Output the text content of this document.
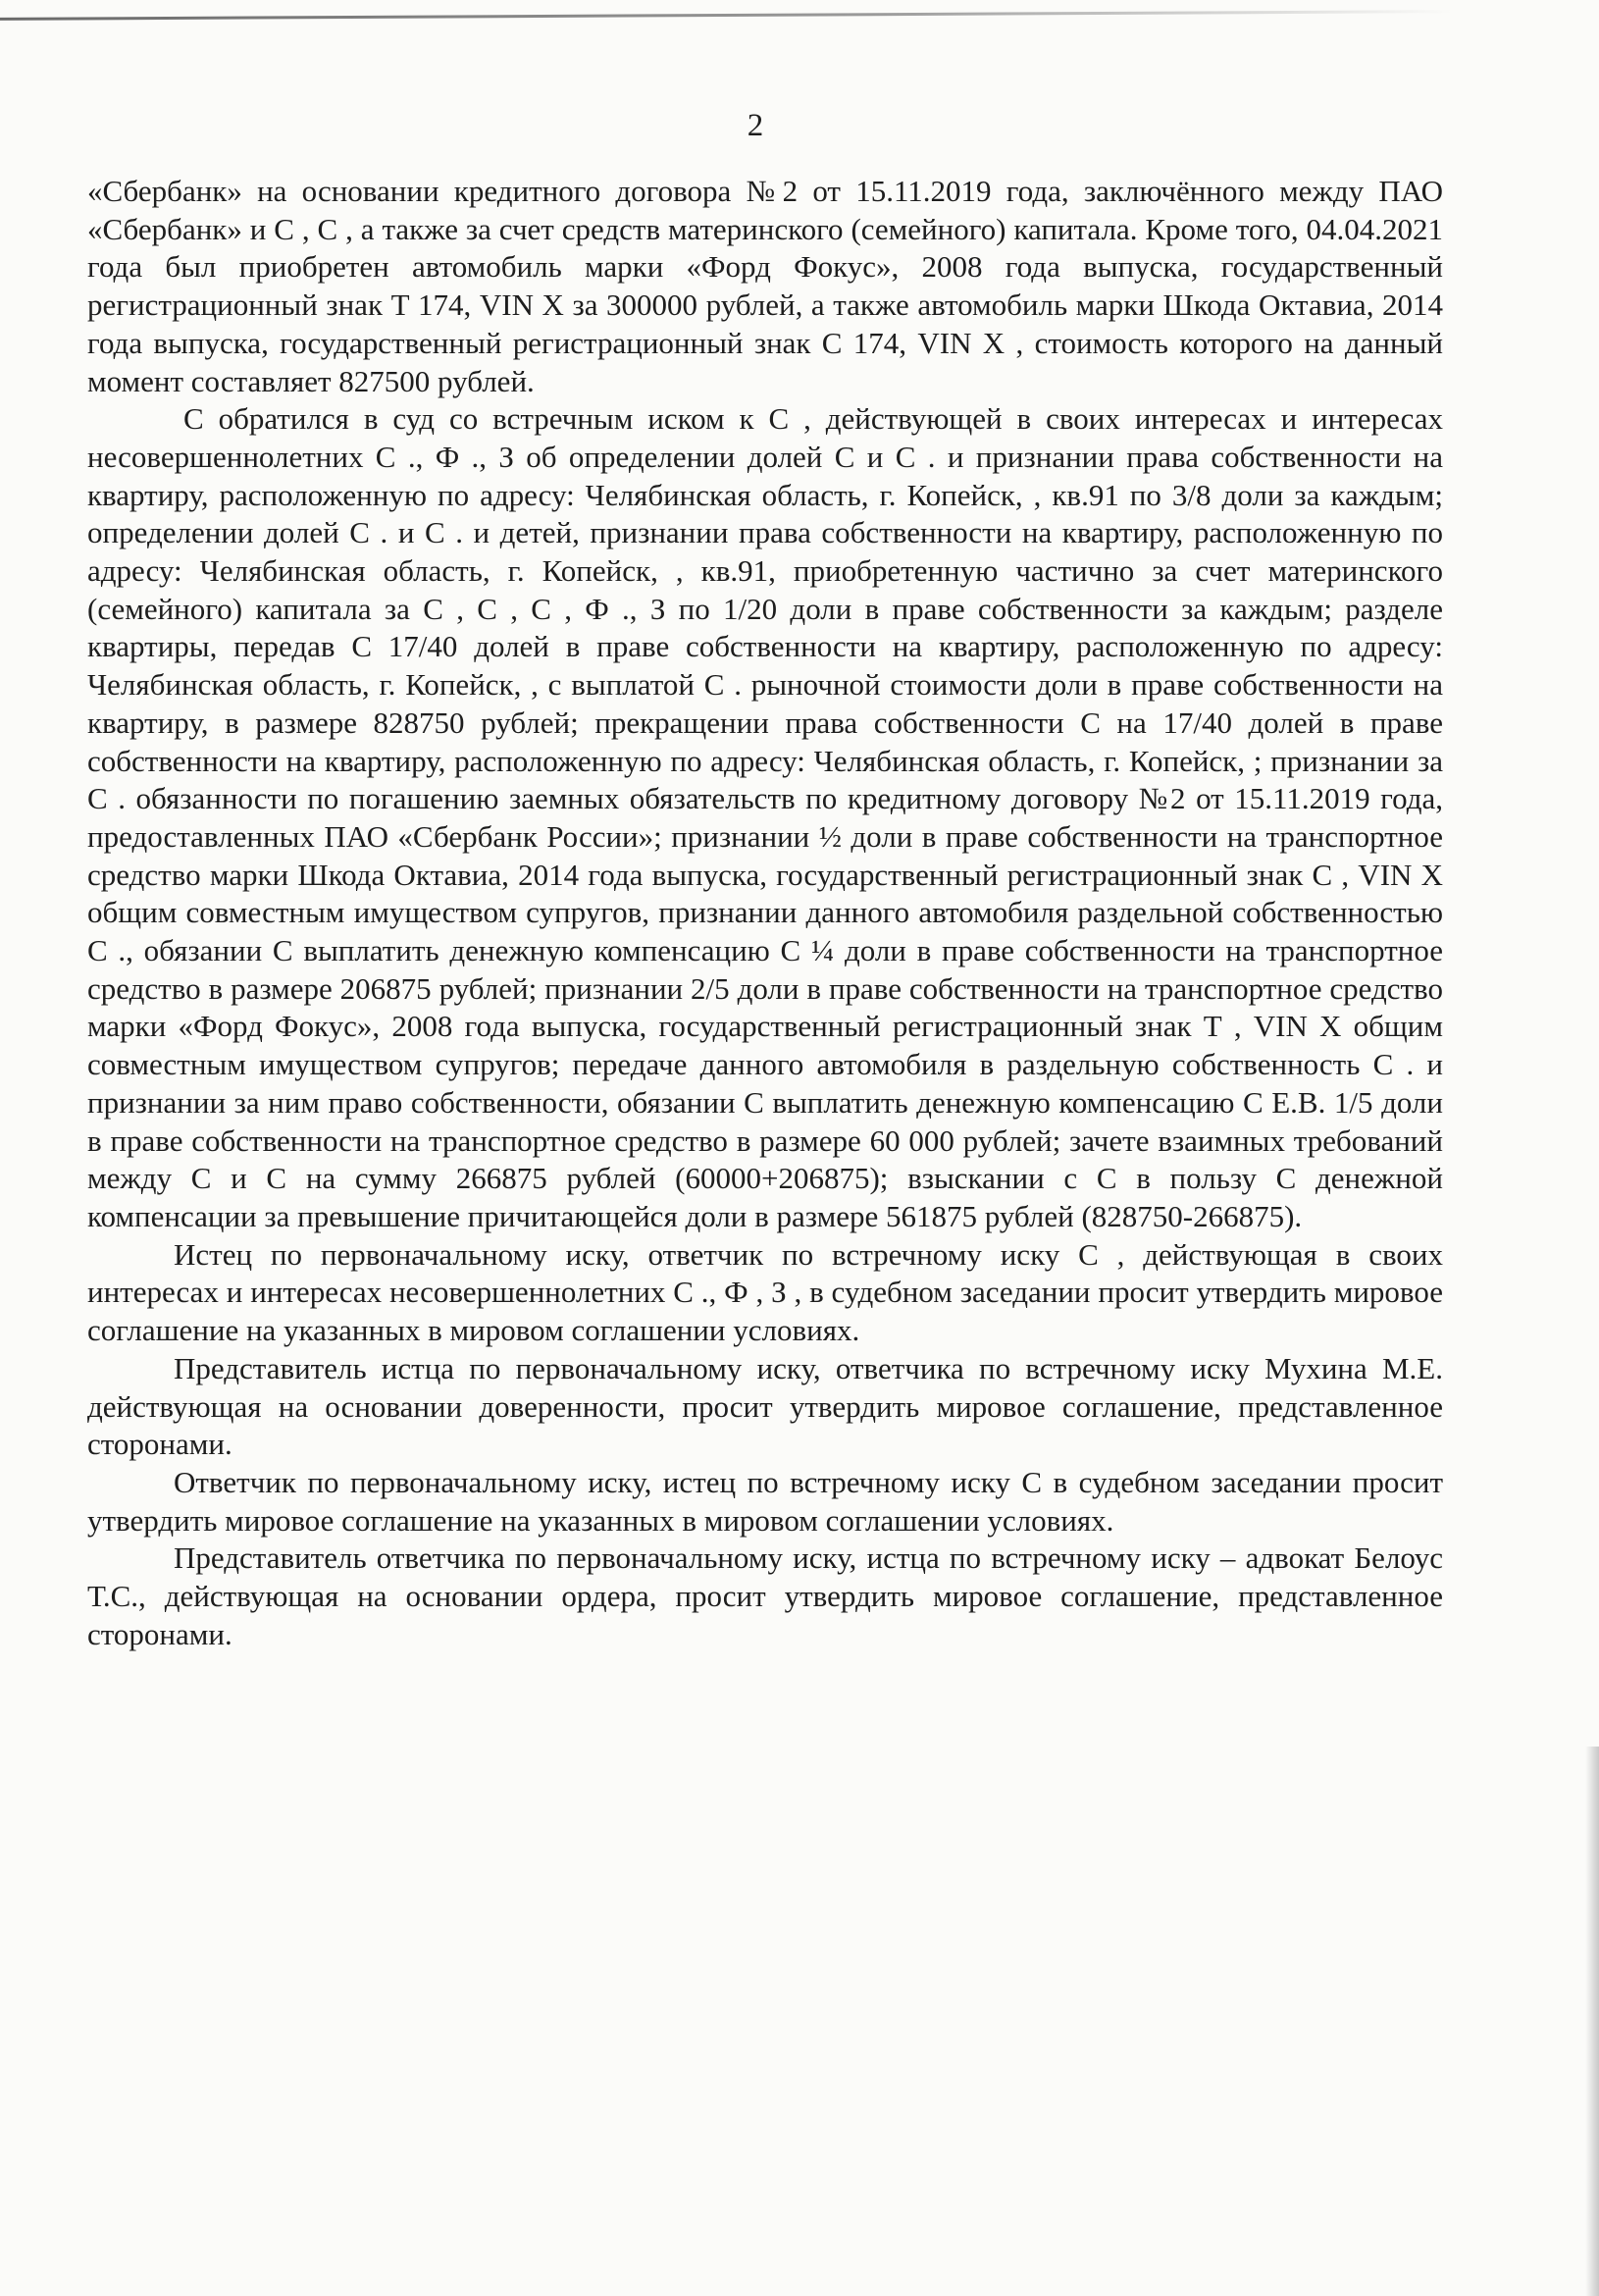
2

«Сбербанк» на основании кредитного договора №2 от 15.11.2019 года, заключённого между ПАО «Сбербанк» и С , С , а также за счет средств материнского (семейного) капитала. Кроме того, 04.04.2021 года был приобретен автомобиль марки «Форд Фокус», 2008 года выпуска, государственный регистрационный знак Т 174, VIN Х за 300000 рублей, а также автомобиль марки Шкода Октавиа, 2014 года выпуска, государственный регистрационный знак С 174, VIN Х , стоимость которого на данный момент составляет 827500 рублей.

С обратился в суд со встречным иском к С , действующей в своих интересах и интересах несовершеннолетних С ., Ф ., З об определении долей С и С . и признании права собственности на квартиру, расположенную по адресу: Челябинская область, г. Копейск, , кв.91 по 3/8 доли за каждым; определении долей С . и С . и детей, признании права собственности на квартиру, расположенную по адресу: Челябинская область, г. Копейск, , кв.91, приобретенную частично за счет материнского (семейного) капитала за С , С , С , Ф ., З по 1/20 доли в праве собственности за каждым; разделе квартиры, передав С 17/40 долей в праве собственности на квартиру, расположенную по адресу: Челябинская область, г. Копейск, , с выплатой С . рыночной стоимости доли в праве собственности на квартиру, в размере 828750 рублей; прекращении права собственности С на 17/40 долей в праве собственности на квартиру, расположенную по адресу: Челябинская область, г. Копейск, ; признании за С . обязанности по погашению заемных обязательств по кредитному договору №2 от 15.11.2019 года, предоставленных ПАО «Сбербанк России»; признании ½ доли в праве собственности на транспортное средство марки Шкода Октавиа, 2014 года выпуска, государственный регистрационный знак С , VIN Х общим совместным имуществом супругов, признании данного автомобиля раздельной собственностью С ., обязании С выплатить денежную компенсацию С ¼ доли в праве собственности на транспортное средство в размере 206875 рублей; признании 2/5 доли в праве собственности на транспортное средство марки «Форд Фокус», 2008 года выпуска, государственный регистрационный знак Т , VIN Х общим совместным имуществом супругов; передаче данного автомобиля в раздельную собственность С . и признании за ним право собственности, обязании С выплатить денежную компенсацию С Е.В. 1/5 доли в праве собственности на транспортное средство в размере 60 000 рублей; зачете взаимных требований между С и С на сумму 266875 рублей (60000+206875); взыскании с С в пользу С денежной компенсации за превышение причитающейся доли в размере 561875 рублей (828750-266875).

Истец по первоначальному иску, ответчик по встречному иску С , действующая в своих интересах и интересах несовершеннолетних С ., Ф , З , в судебном заседании просит утвердить мировое соглашение на указанных в мировом соглашении условиях.

Представитель истца по первоначальному иску, ответчика по встречному иску Мухина М.Е. действующая на основании доверенности, просит утвердить мировое соглашение, представленное сторонами.

Ответчик по первоначальному иску, истец по встречному иску С в судебном заседании просит утвердить мировое соглашение на указанных в мировом соглашении условиях.

Представитель ответчика по первоначальному иску, истца по встречному иску – адвокат Белоус Т.С., действующая на основании ордера, просит утвердить мировое соглашение, представленное сторонами.
